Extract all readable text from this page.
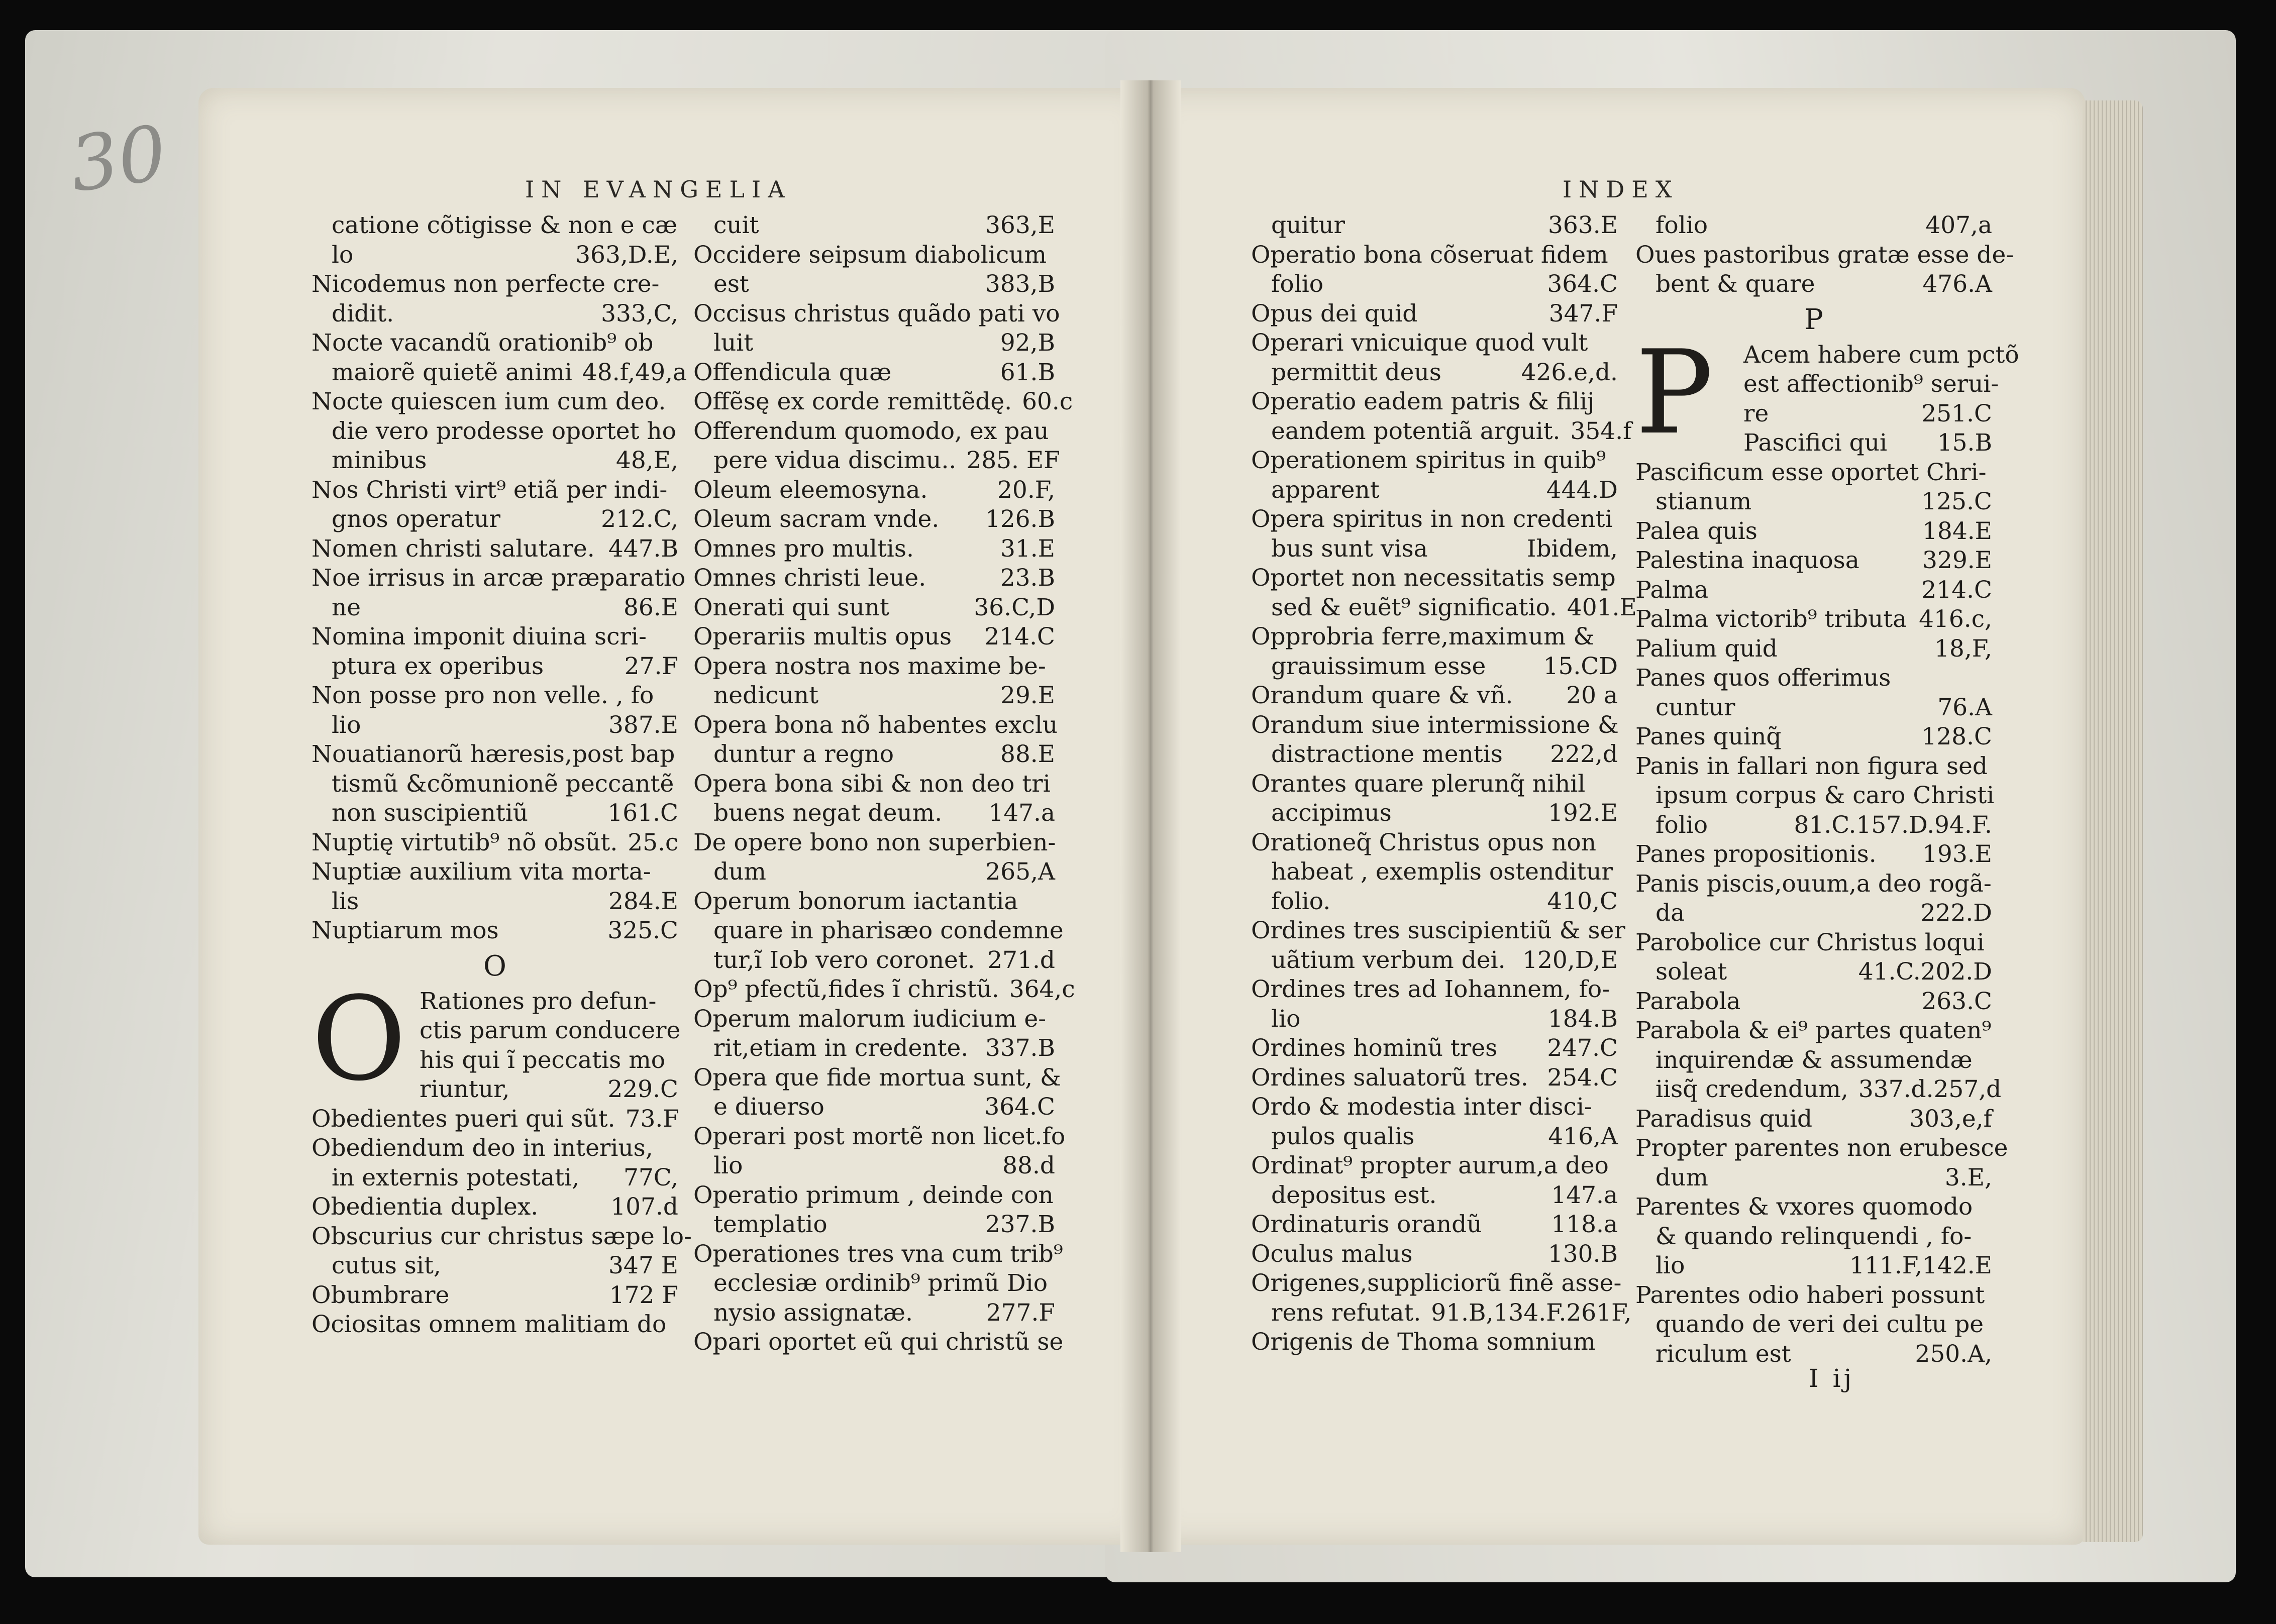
30	IN EVANGELIA
catione cõtigisse & non e cæ
lo	363,D.E,
Nicodemus non perfecte cre-
didit.	333,C,
Nocte vacandũ orationib⁹ ob
maiorẽ quietẽ animi 48.f,49,a
Nocte quiescen ium cum deo.
die vero prodesse oportet ho
minibus	48,E,
Nos Christi virt⁹ etiã per indi-
gnos operatur	212.C,
Nomen christi salutare. 447.B
Noe irrisus in arcæ præparatio
ne	86.E
Nomina imponit diuina scri-
ptura ex operibus	27.F
Non posse pro non velle. , fo
lio	387.E
Nouatianorũ hæresis,post bap
tismũ &cõmunionẽ peccantẽ
non suscipientiũ	161.C
Nuptię virtutib⁹ nõ obsũt. 25.c
Nuptiæ auxilium vita morta-
lis	284.E
Nuptiarum mos	325.C
O
O Rationes pro defun-
ctis parum conducere
his qui ĩ peccatis mo
riuntur,	229.C
Obedientes pueri qui sũt. 73.F
Obediendum deo in interius,
in externis potestati,	77C,
Obedientia duplex.	107.d
Obscurius cur christus sæpe lo-
cutus sit,	347 E
Obumbrare	172 F
Ociositas omnem malitiam do
cuit	363,E
Occidere seipsum diabolicum
est	383,B
Occisus christus quãdo pati vo
luit	92,B
Offendicula quæ	61.B
Offẽsę ex corde remittẽdę. 60.c
Offerendum quomodo, ex pau
pere vidua discimu.. 285. EF
Oleum eleemosyna.	20.F,
Oleum sacram vnde.	126.B
Omnes pro multis.	31.E
Omnes christi leue.	23.B
Onerati qui sunt	36.C,D
Operariis multis opus	214.C
Opera nostra nos maxime be-
nedicunt	29.E
Opera bona nõ habentes exclu
duntur a regno	88.E
Opera bona sibi & non deo tri
buens negat deum.	147.a
De opere bono non superbien-
dum	265,A
Operum bonorum iactantia
quare in pharisæo condemne
tur,ĩ Iob vero coronet. 271.d
Op⁹ pfectũ,fides ĩ christũ. 364,c
Operum malorum iudicium e-
rit,etiam in credente. 337.B
Opera que fide mortua sunt, &
e diuerso	364.C
Operari post mortẽ non licet.fo
lio	88.d
Operatio primum , deinde con
templatio	237.B
Operationes tres vna cum trib⁹
ecclesiæ ordinib⁹ primũ Dio
nysio assignatæ.	277.F
Opari oportet eũ qui christũ se
INDEX
quitur	363.E
Operatio bona cõseruat fidem
folio	364.C
Opus dei quid	347.F
Operari vnicuique quod vult
permittit deus	426.e,d.
Operatio eadem patris & filij
eandem potentiã arguit. 354.f
Operationem spiritus in quib⁹
apparent	444.D
Opera spiritus in non credenti
bus sunt visa	Ibidem,
Oportet non necessitatis semp
sed & euẽt⁹ significatio. 401.E
Opprobria ferre,maximum &
grauissimum esse	15.CD
Orandum quare & vñ.	20 a
Orandum siue intermissione &
distractione mentis	222,d
Orantes quare plerunq̃ nihil
accipimus	192.E
Orationeq̃ Christus opus non
habeat , exemplis ostenditur
folio.	410,C
Ordines tres suscipientiũ & ser
uãtium verbum dei. 120,D,E
Ordines tres ad Iohannem, fo-
lio	184.B
Ordines hominũ tres	247.C
Ordines saluatorũ tres. 254.C
Ordo & modestia inter disci-
pulos qualis	416,A
Ordinat⁹ propter aurum,a deo
depositus est.	147.a
Ordinaturis orandũ	118.a
Oculus malus	130.B
Origenes,suppliciorũ finẽ asse-
rens refutat. 91.B,134.F.261F,
Origenis de Thoma somnium
folio	407,a
Oues pastoribus gratæ esse de-
bent & quare	476.A
P
P Acem habere cum pctõ
est affectionib⁹ serui-
re	251.C
Pascifici qui	15.B
Pascificum esse oportet Chri-
stianum	125.C
Palea quis	184.E
Palestina inaquosa	329.E
Palma	214.C
Palma victorib⁹ tributa 416.c,
Palium quid	18,F,
Panes quos offerimus
cuntur	76.A
Panes quinq̃	128.C
Panis in fallari non figura sed
ipsum corpus & caro Christi
folio	81.C.157.D.94.F.
Panes propositionis.	193.E
Panis piscis,ouum,a deo rogã-
da	222.D
Parobolice cur Christus loqui
soleat	41.C.202.D
Parabola	263.C
Parabola & ei⁹ partes quaten⁹
inquirendæ & assumendæ
iisq̃ credendum, 337.d.257,d
Paradisus quid	303,e,f
Propter parentes non erubesce
dum	3.E,
Parentes & vxores quomodo
& quando relinquendi , fo-
lio	111.F,142.E
Parentes odio haberi possunt
quando de veri dei cultu pe
riculum est	250.A,
I ij
